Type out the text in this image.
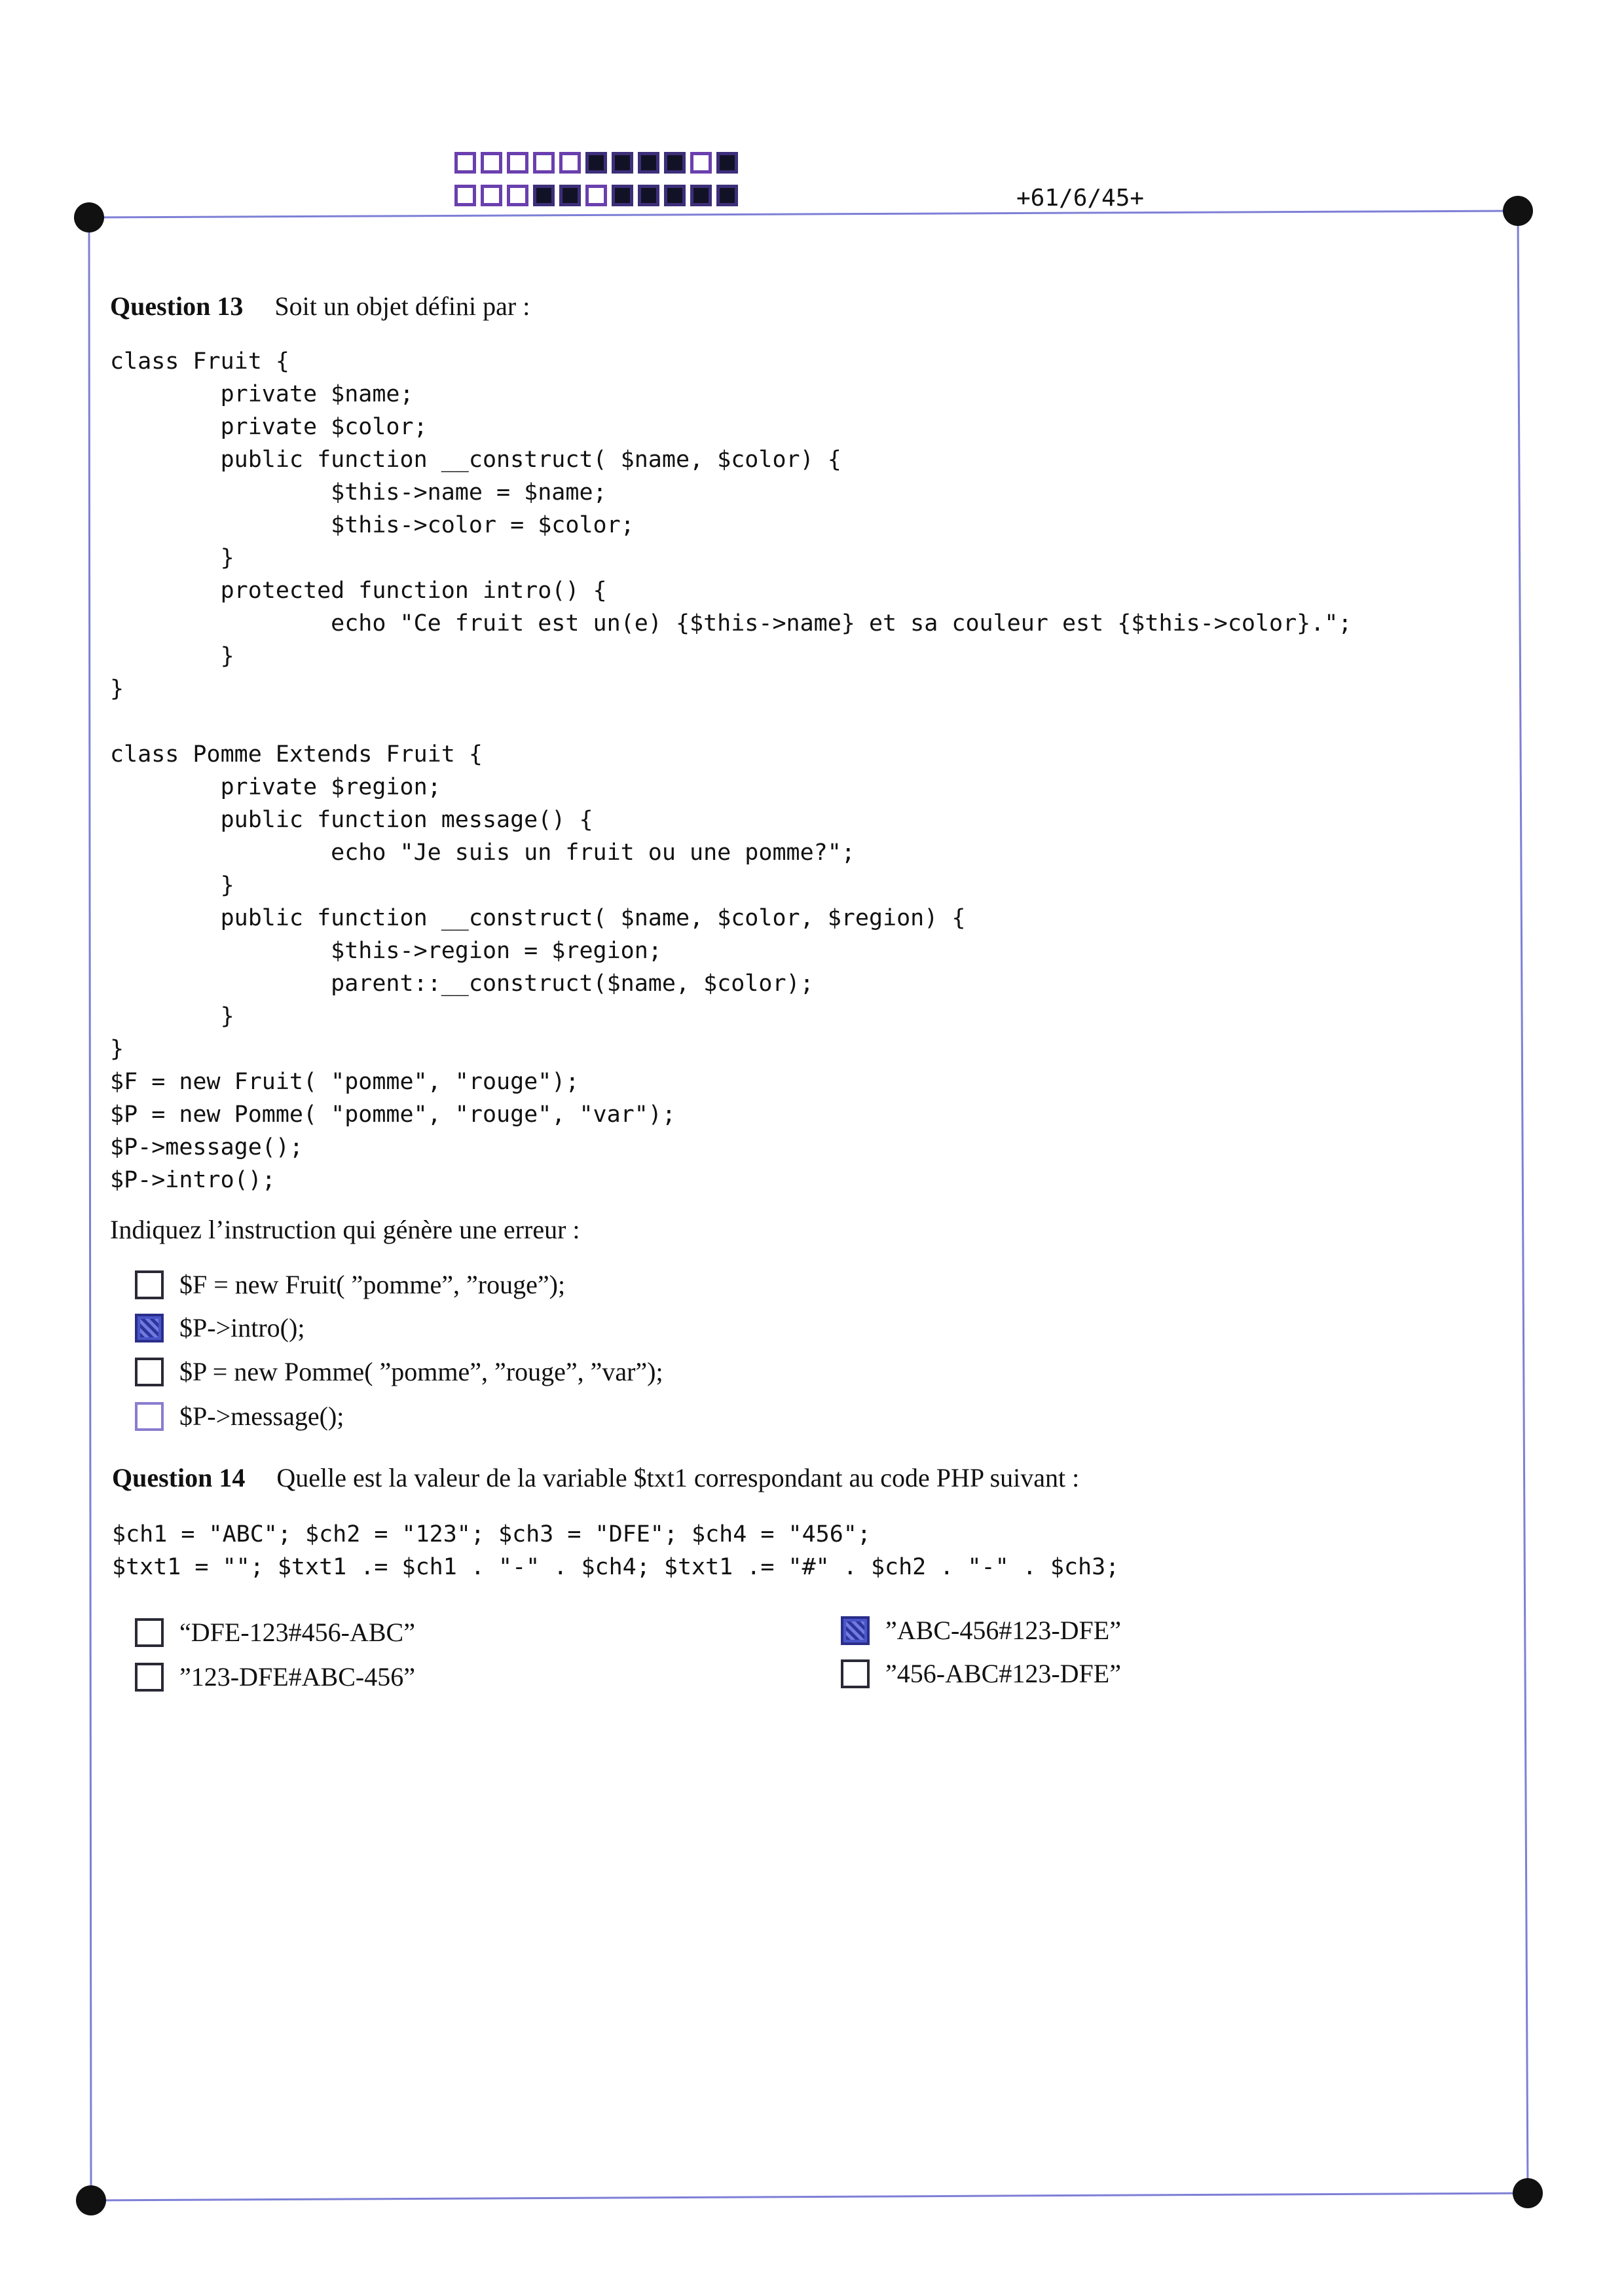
+61/6/45+
Question 13 Soit un objet défini par :
class Fruit {
private $name;
private $color;
public function __construct( $name, $color) {
$this->name = $name;
$this->color = $color;
}
protected function intro() {
echo "Ce fruit est un(e) {$this->name} et sa couleur est {$this->color}.";
}
}

class Pomme Extends Fruit {
private $region;
public function message() {
echo "Je suis un fruit ou une pomme?";
}
public function __construct( $name, $color, $region) {
$this->region = $region;
parent::__construct($name, $color);
}
}
$F = new Fruit( "pomme", "rouge");
$P = new Pomme( "pomme", "rouge", "var");
$P->message();
$P->intro();
Indiquez l’instruction qui génère une erreur :
$F = new Fruit( ”pomme”, ”rouge”);
$P->intro();
$P = new Pomme( ”pomme”, ”rouge”, ”var”);
$P->message();
Question 14 Quelle est la valeur de la variable $txt1 correspondant au code PHP suivant :
$ch1 = "ABC"; $ch2 = "123"; $ch3 = "DFE"; $ch4 = "456";
$txt1 = ""; $txt1 .= $ch1 . "-" . $ch4; $txt1 .= "#" . $ch2 . "-" . $ch3;
“DFE-123#456-ABC”
”123-DFE#ABC-456”
”ABC-456#123-DFE”
”456-ABC#123-DFE”
